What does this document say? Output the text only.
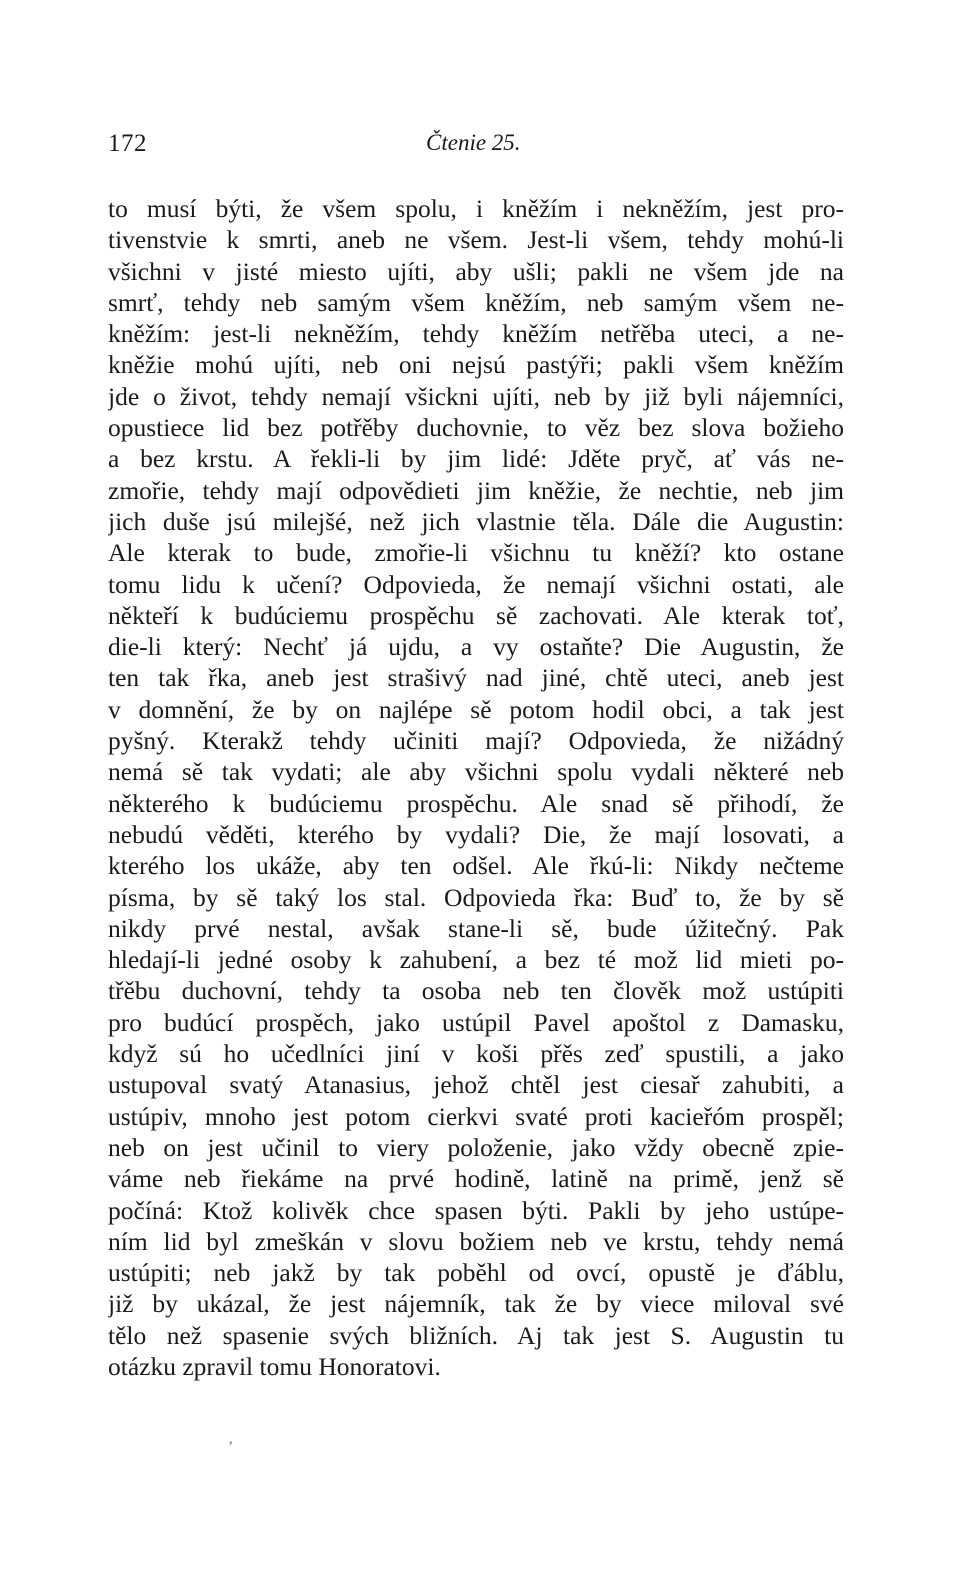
172	Čtenie 25.
to musí býti, že všem spolu, i kněžím i nekněžím, jest pro-
tivenstvie k smrti, aneb ne všem. Jest-li všem, tehdy mohú-li
všichni v jisté miesto ujíti, aby ušli; pakli ne všem jde na
smrť, tehdy neb samým všem kněžím, neb samým všem ne-
kněžím: jest-li nekněžím, tehdy kněžím netřěba uteci, a ne-
kněžie mohú ujíti, neb oni nejsú pastýři; pakli všem kněžím
jde o život, tehdy nemají všickni ujíti, neb by již byli nájemníci,
opustiece lid bez potřěby duchovnie, to věz bez slova božieho
a bez krstu. A řekli-li by jim lidé: Jděte pryč, ať vás ne-
zmořie, tehdy mají odpovědieti jim kněžie, že nechtie, neb jim
jich duše jsú milejšé, než jich vlastnie těla. Dále die Augustin:
Ale kterak to bude, zmořie-li všichnu tu kněží? kto ostane
tomu lidu k učení? Odpovieda, že nemají všichni ostati, ale
někteří k budúciemu prospěchu sě zachovati. Ale kterak toť,
die-li který: Nechť já ujdu, a vy ostaňte? Die Augustin, že
ten tak řka, aneb jest strašivý nad jiné, chtě uteci, aneb jest
v domnění, že by on najlépe sě potom hodil obci, a tak jest
pyšný. Kterakž tehdy učiniti mají? Odpovieda, že nižádný
nemá sě tak vydati; ale aby všichni spolu vydali některé neb
některého k budúciemu prospěchu. Ale snad sě přihodí, že
nebudú věděti, kterého by vydali? Die, že mají losovati, a
kterého los ukáže, aby ten odšel. Ale řkú-li: Nikdy nečteme
písma, by sě taký los stal. Odpovieda řka: Buď to, že by sě
nikdy prvé nestal, avšak stane-li sě, bude úžitečný. Pak
hledají-li jedné osoby k zahubení, a bez té mož lid mieti po-
třěbu duchovní, tehdy ta osoba neb ten člověk mož ustúpiti
pro budúcí prospěch, jako ustúpil Pavel apoštol z Damasku,
když sú ho učedlníci jiní v koši přěs zeď spustili, a jako
ustupoval svatý Atanasius, jehož chtěl jest ciesař zahubiti, a
ustúpiv, mnoho jest potom cierkvi svaté proti kacieřóm prospěl;
neb on jest učinil to viery položenie, jako vždy obecně zpie-
váme neb řiekáme na prvé hodině, latině na primě, jenž sě
počíná: Ktož kolivěk chce spasen býti. Pakli by jeho ustúpe-
ním lid byl zmeškán v slovu božiem neb ve krstu, tehdy nemá
ustúpiti; neb jakž by tak poběhl od ovcí, opustě je ďáblu,
již by ukázal, že jest nájemník, tak že by viece miloval své
tělo než spasenie svých bližních. Aj tak jest S. Augustin tu
otázku zpravil tomu Honoratovi.
,
